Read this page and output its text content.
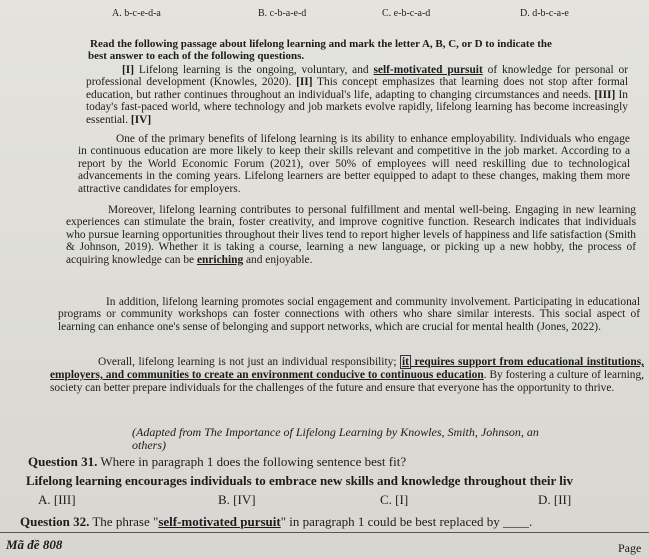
A. b-c-e-d-a	B. c-b-a-e-d	C. e-b-c-a-d	D. d-b-c-a-e
Read the following passage about lifelong learning and mark the letter A, B, C, or D to indicate the
best answer to each of the following questions.
[I] Lifelong learning is the ongoing, voluntary, and self-motivated pursuit of knowledge for personal or professional development (Knowles, 2020). [II] This concept emphasizes that learning does not stop after formal education, but rather continues throughout an individual's life, adapting to changing circumstances and needs. [III] In today's fast-paced world, where technology and job markets evolve rapidly, lifelong learning has become increasingly essential. [IV]
One of the primary benefits of lifelong learning is its ability to enhance employability. Individuals who engage in continuous education are more likely to keep their skills relevant and competitive in the job market. According to a report by the World Economic Forum (2021), over 50% of employees will need reskilling due to technological advancements in the coming years. Lifelong learners are better equipped to adapt to these changes, making them more attractive candidates for employers.
Moreover, lifelong learning contributes to personal fulfillment and mental well-being. Engaging in new learning experiences can stimulate the brain, foster creativity, and improve cognitive function. Research indicates that individuals who pursue learning opportunities throughout their lives tend to report higher levels of happiness and life satisfaction (Smith & Johnson, 2019). Whether it is taking a course, learning a new language, or picking up a new hobby, the process of acquiring knowledge can be enriching and enjoyable.
In addition, lifelong learning promotes social engagement and community involvement. Participating in educational programs or community workshops can foster connections with others who share similar interests. This social aspect of learning can enhance one's sense of belonging and support networks, which are crucial for mental health (Jones, 2022).
Overall, lifelong learning is not just an individual responsibility; it requires support from educational institutions, employers, and communities to create an environment conducive to continuous education. By fostering a culture of learning, society can better prepare individuals for the challenges of the future and ensure that everyone has the opportunity to thrive.
(Adapted from The Importance of Lifelong Learning by Knowles, Smith, Johnson, an
others)
Question 31. Where in paragraph 1 does the following sentence best fit?
Lifelong learning encourages individuals to embrace new skills and knowledge throughout their liv
A. [III]	B. [IV]	C. [I]	D. [II]
Question 32. The phrase "self-motivated pursuit" in paragraph 1 could be best replaced by ____.
Mã đề 808	Page
